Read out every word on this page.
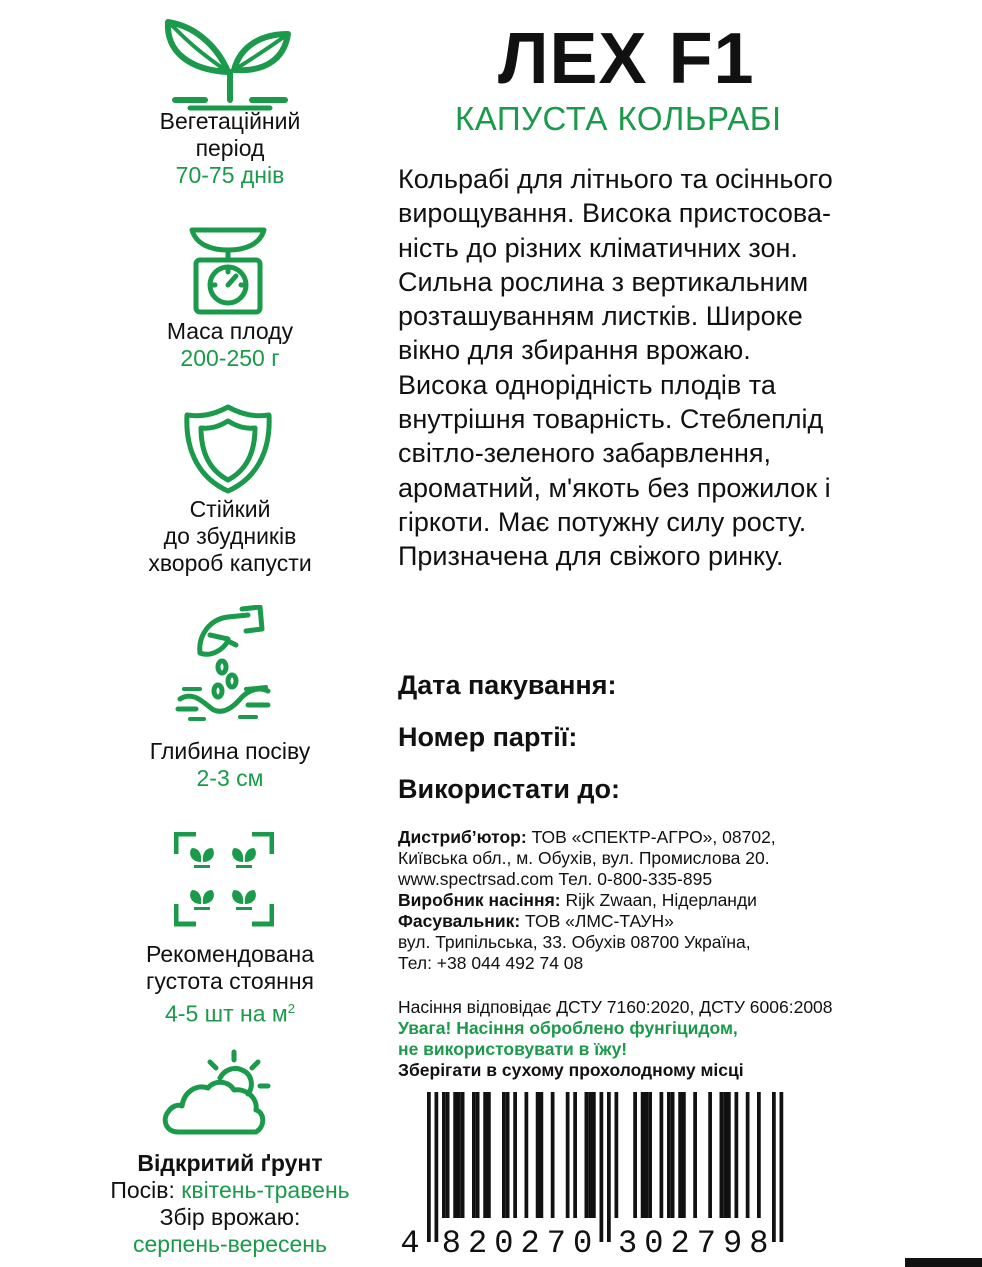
Вегетаційний
період
70-75 днів
Маса плоду
200-250 г
Стійкий
до збудників
хвороб капусти
Глибина посіву
2-3 см
Рекомендована
густота стояння
4-5 шт на $м^2$
Відкритий ґрунт
Посів: квітень-травень
Збір врожаю:
серпень-вересень
ЛЕХ F1
КАПУСТА КОЛЬРАБІ
Кольрабі для літнього та осіннього
вирощування. Висока пристосова-
ність до різних кліматичних зон.
Сильна рослина з вертикальним
розташуванням листків. Широке
вікно для збирання врожаю.
Висока однорідність плодів та
внутрішня товарність. Стеблеплід
світло-зеленого забарвлення,
ароматний, м'якоть без прожилок і
гіркоти. Має потужну силу росту.
Призначена для свіжого ринку.
Дата пакування:
Номер партії:
Використати до:
Дистриб’ютор: ТОВ «СПЕКТР-АГРО», 08702,
Київська обл., м. Обухів, вул. Промислова 20.
www.spectrsad.com Тел. 0-800-335-895
Виробник насіння: Rijk Zwaan, Нідерланди
Фасувальник: ТОВ «ЛМС-ТАУН»
вул. Трипільська, 33. Обухів 08700 Україна,
Тел: +38 044 492 74 08
Насіння відповідає ДСТУ 7160:2020, ДСТУ 6006:2008
Увага! Насіння оброблено фунгіцидом,
не використовувати в їжу!
Зберігати в сухому прохолодному місці
4 8 2 0 2 7 0 3 0 2 7 9 8
